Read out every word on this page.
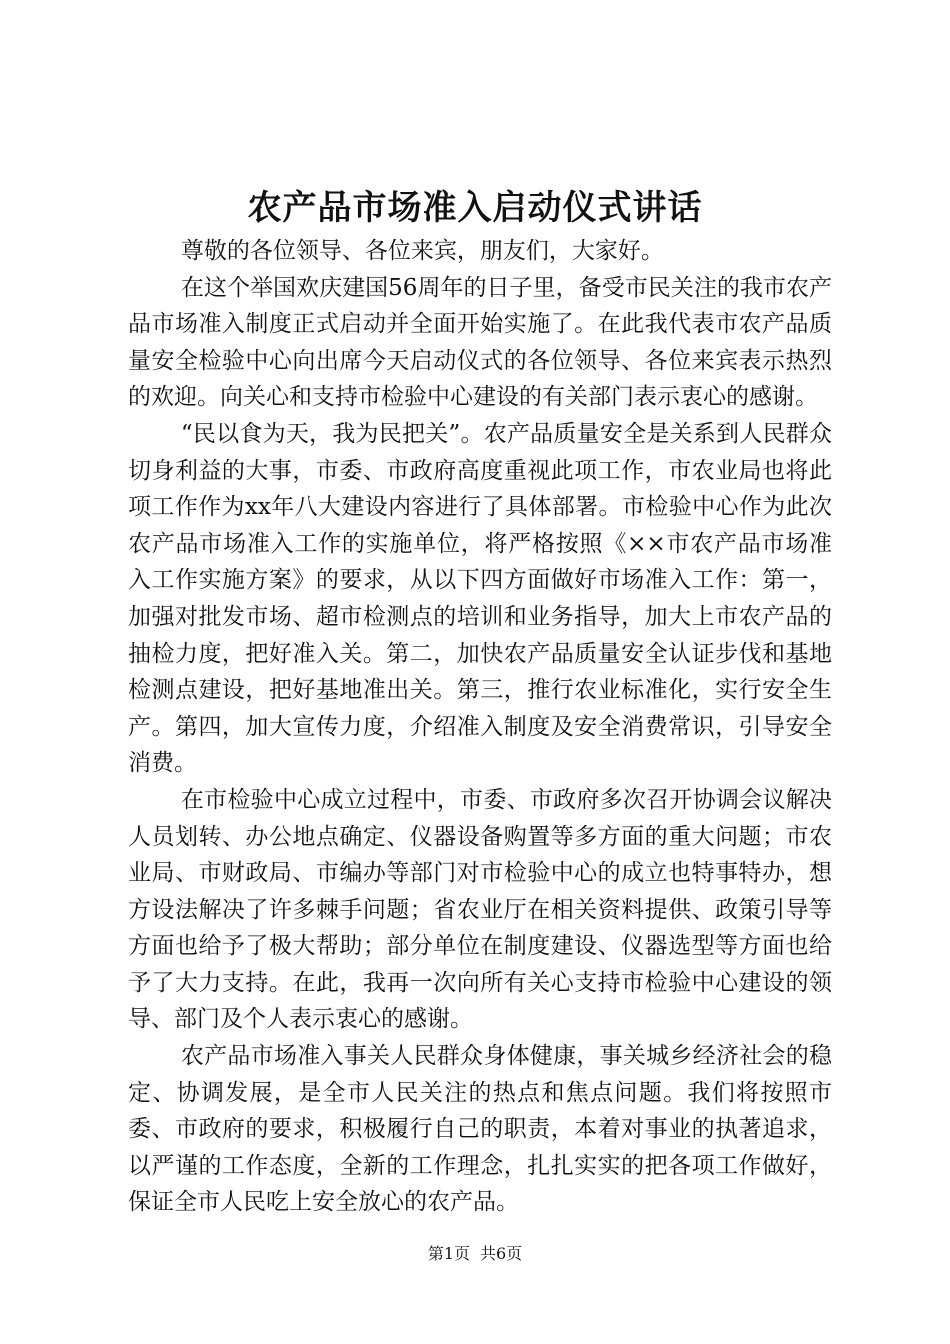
农产品市场准入启动仪式讲话

尊敬的各位领导、各位来宾，朋友们，大家好。

在这个举国欢庆建国56周年的日子里，备受市民关注的我市农产品市场准入制度正式启动并全面开始实施了。在此我代表市农产品质量安全检验中心向出席今天启动仪式的各位领导、各位来宾表示热烈的欢迎。向关心和支持市检验中心建设的有关部门表示衷心的感谢。

“民以食为天，我为民把关”。农产品质量安全是关系到人民群众切身利益的大事，市委、市政府高度重视此项工作，市农业局也将此项工作作为xx年八大建设内容进行了具体部署。市检验中心作为此次农产品市场准入工作的实施单位，将严格按照《××市农产品市场准入工作实施方案》的要求，从以下四方面做好市场准入工作：第一，加强对批发市场、超市检测点的培训和业务指导，加大上市农产品的抽检力度，把好准入关。第二，加快农产品质量安全认证步伐和基地检测点建设，把好基地准出关。第三，推行农业标准化，实行安全生产。第四，加大宣传力度，介绍准入制度及安全消费常识，引导安全消费。

在市检验中心成立过程中，市委、市政府多次召开协调会议解决人员划转、办公地点确定、仪器设备购置等多方面的重大问题；市农业局、市财政局、市编办等部门对市检验中心的成立也特事特办，想方设法解决了许多棘手问题；省农业厅在相关资料提供、政策引导等方面也给予了极大帮助；部分单位在制度建设、仪器选型等方面也给予了大力支持。在此，我再一次向所有关心支持市检验中心建设的领导、部门及个人表示衷心的感谢。

农产品市场准入事关人民群众身体健康，事关城乡经济社会的稳定、协调发展，是全市人民关注的热点和焦点问题。我们将按照市委、市政府的要求，积极履行自己的职责，本着对事业的执著追求，以严谨的工作态度，全新的工作理念，扎扎实实的把各项工作做好，保证全市人民吃上安全放心的农产品。

第1页 共6页
